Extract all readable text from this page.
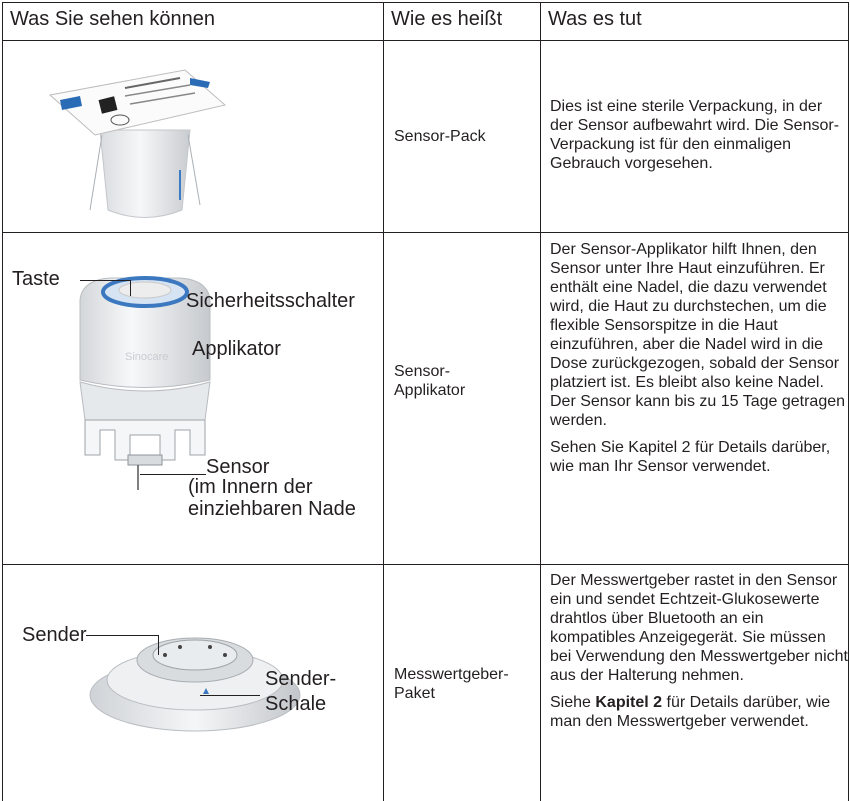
Was Sie sehen können	Wie es heißt Was es tut
Sensor-Pack

Dies ist eine sterile Verpackung, in der der Sensor aufbewahrt wird. Die Sensor-Verpackung ist für den einmaligen Gebrauch vorgesehen.

Sinocare
Taste
Sicherheitsschalter
Applikator
Sensor
(im Innern der
einziehbaren Nade
Sensor-
Applikator

Der Sensor-Applikator hilft Ihnen, den Sensor unter Ihre Haut einzuführen. Er enthält eine Nadel, die dazu verwendet wird, die Haut zu durchstechen, um die flexible Sensorspitze in die Haut einzuführen, aber die Nadel wird in die Dose zurückgezogen, sobald der Sensor platziert ist. Es bleibt also keine Nadel. Der Sensor kann bis zu 15 Tage getragen werden.

Sehen Sie Kapitel 2 für Details darüber, wie man Ihr Sensor verwendet.

Sender
Sender-
Schale
Messwertgeber-
Paket

Der Messwertgeber rastet in den Sensor ein und sendet Echtzeit-Glukosewerte drahtlos über Bluetooth an ein kompatibles Anzeigegerät. Sie müssen bei Verwendung den Messwertgeber nicht aus der Halterung nehmen.

Siehe Kapitel 2 für Details darüber, wie man den Messwertgeber verwendet.
